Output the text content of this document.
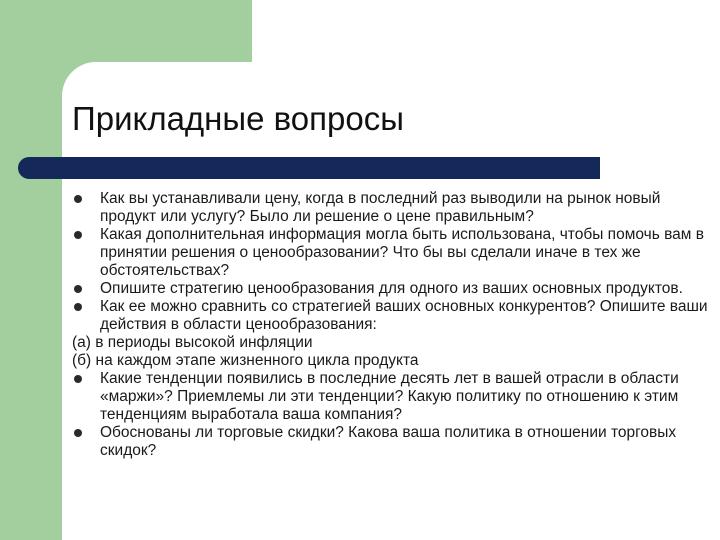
Прикладные вопросы
Как вы устанавливали цену, когда в последний раз выводили на рынок новый продукт или услугу? Было ли решение о цене правильным?
Какая дополнительная информация могла быть использована, чтобы помочь вам в принятии решения о ценообразовании? Что бы вы сделали иначе в тех же обстоятельствах?
Опишите стратегию ценообразования для одного из ваших основных продуктов.
Как ее можно сравнить со стратегией ваших основных конкурентов? Опишите ваши действия в области ценообразования:
(а) в периоды высокой инфляции
(б) на каждом этапе жизненного цикла продукта
Какие тенденции появились в последние десять лет в вашей отрасли в области «маржи»? Приемлемы ли эти тенденции? Какую политику по отношению к этим тенденциям выработала ваша компания?
Обоснованы ли торговые скидки? Какова ваша политика в отношении торговых скидок?
